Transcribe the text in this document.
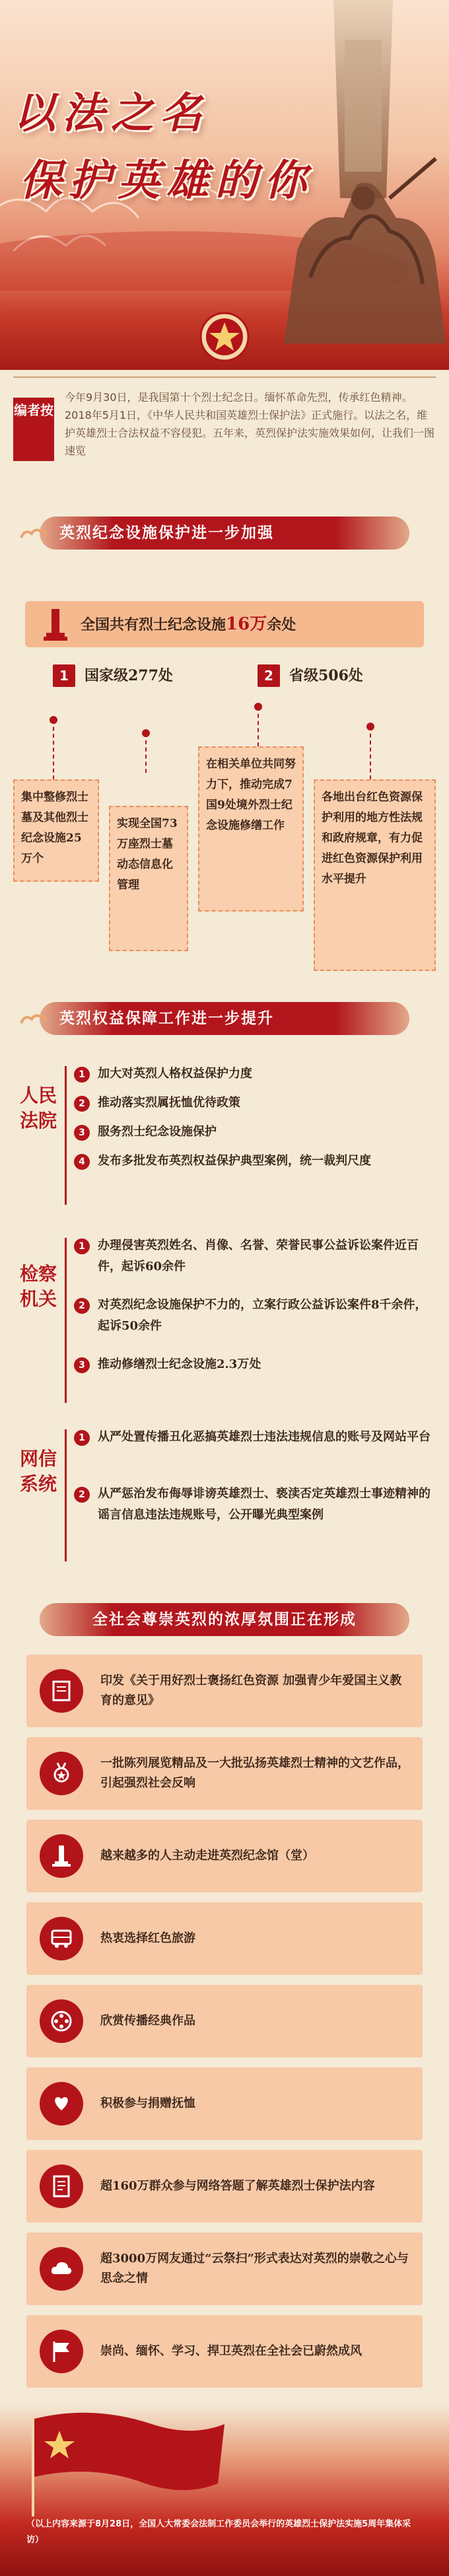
以法之名
保护英雄的你
编者按
今年9月30日，是我国第十个烈士纪念日。缅怀革命先烈，传承红色精神。2018年5月1日，《中华人民共和国英雄烈士保护法》正式施行。以法之名，维护英雄烈士合法权益不容侵犯。五年来，英烈保护法实施效果如何，让我们一图速览
英烈纪念设施保护进一步加强
全国共有烈士纪念设施16万余处
1 国家级277处	2 省级506处
集中整修烈士墓及其他烈士纪念设施25万个
实现全国73万座烈士墓动态信息化管理
在相关单位共同努力下，推动完成7国9处境外烈士纪念设施修缮工作
各地出台红色资源保护利用的地方性法规和政府规章，有力促进红色资源保护利用水平提升
英烈权益保障工作进一步提升
人民法院
1	加大对英烈人格权益保护力度
2	推动落实烈属抚恤优待政策
3	服务烈士纪念设施保护
4	发布多批发布英烈权益保护典型案例，统一裁判尺度
检察机关
1	办理侵害英烈姓名、肖像、名誉、荣誉民事公益诉讼案件近百件，起诉60余件
2	对英烈纪念设施保护不力的，立案行政公益诉讼案件8千余件，起诉50余件
3	推动修缮烈士纪念设施2.3万处
网信系统
1	从严处置传播丑化恶搞英雄烈士违法违规信息的账号及网站平台
2	从严惩治发布侮辱诽谤英雄烈士、亵渎否定英雄烈士事迹精神的谣言信息违法违规账号，公开曝光典型案例
全社会尊崇英烈的浓厚氛围正在形成
印发《关于用好烈士褒扬红色资源 加强青少年爱国主义教育的意见》
一批陈列展览精品及一大批弘扬英雄烈士精神的文艺作品，引起强烈社会反响
越来越多的人主动走进英烈纪念馆（堂）
热衷选择红色旅游
欣赏传播经典作品
积极参与捐赠抚恤
超160万群众参与网络答题了解英雄烈士保护法内容
超3000万网友通过“云祭扫”形式表达对英烈的崇敬之心与思念之情
崇尚、缅怀、学习、捍卫英烈在全社会已蔚然成风
（以上内容来源于8月28日，全国人大常委会法制工作委员会举行的英雄烈士保护法实施5周年集体采访）
